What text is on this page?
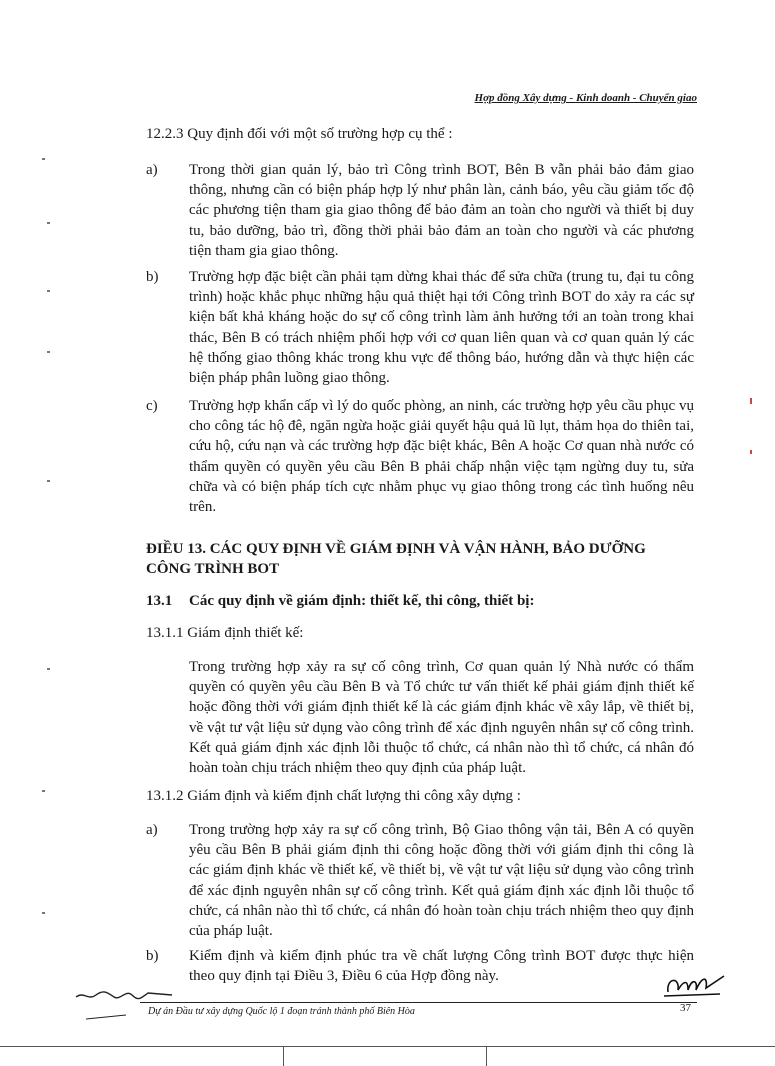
Hợp đồng Xây dựng - Kinh doanh - Chuyển giao
12.2.3 Quy định đối với một số trường hợp cụ thể :
a)	Trong thời gian quản lý, bảo trì Công trình BOT, Bên B vẫn phải bảo đảm giao thông, nhưng cần có biện pháp hợp lý như phân làn, cảnh báo, yêu cầu giảm tốc độ các phương tiện tham gia giao thông để bảo đảm an toàn cho người và thiết bị duy tu, bảo dưỡng, bảo trì, đồng thời phải bảo đảm an toàn cho người và các phương tiện tham gia giao thông.
b)	Trường hợp đặc biệt cần phải tạm dừng khai thác để sửa chữa (trung tu, đại tu công trình) hoặc khắc phục những hậu quả thiệt hại tới Công trình BOT do xảy ra các sự kiện bất khả kháng hoặc do sự cố công trình làm ảnh hưởng tới an toàn trong khai thác, Bên B có trách nhiệm phối hợp với cơ quan liên quan và cơ quan quản lý các hệ thống giao thông khác trong khu vực để thông báo, hướng dẫn và thực hiện các biện pháp phân luồng giao thông.
c)	Trường hợp khẩn cấp vì lý do quốc phòng, an ninh, các trường hợp yêu cầu phục vụ cho công tác hộ đê, ngăn ngừa hoặc giải quyết hậu quả lũ lụt, thảm họa do thiên tai, cứu hộ, cứu nạn và các trường hợp đặc biệt khác, Bên A hoặc Cơ quan nhà nước có thẩm quyền có quyền yêu cầu Bên B phải chấp nhận việc tạm ngừng duy tu, sửa chữa và có biện pháp tích cực nhằm phục vụ giao thông trong các tình huống nêu trên.
ĐIỀU 13. CÁC QUY ĐỊNH VỀ GIÁM ĐỊNH VÀ VẬN HÀNH, BẢO DƯỠNG CÔNG TRÌNH BOT
13.1 Các quy định về giám định: thiết kế, thi công, thiết bị:
13.1.1 Giám định thiết kế:
Trong trường hợp xảy ra sự cố công trình, Cơ quan quản lý Nhà nước có thẩm quyền có quyền yêu cầu Bên B và Tổ chức tư vấn thiết kế phải giám định thiết kế hoặc đồng thời với giám định thiết kế là các giám định khác về xây lắp, về thiết bị, về vật tư vật liệu sử dụng vào công trình để xác định nguyên nhân sự cố công trình. Kết quả giám định xác định lỗi thuộc tổ chức, cá nhân nào thì tổ chức, cá nhân đó hoàn toàn chịu trách nhiệm theo quy định của pháp luật.
13.1.2 Giám định và kiểm định chất lượng thi công xây dựng :
a)	Trong trường hợp xảy ra sự cố công trình, Bộ Giao thông vận tải, Bên A có quyền yêu cầu Bên B phải giám định thi công hoặc đồng thời với giám định thi công là các giám định khác về thiết kế, về thiết bị, về vật tư vật liệu sử dụng vào công trình để xác định nguyên nhân sự cố công trình. Kết quả giám định xác định lỗi thuộc tổ chức, cá nhân nào thì tổ chức, cá nhân đó hoàn toàn chịu trách nhiệm theo quy định của pháp luật.
b)	Kiểm định và kiểm định phúc tra về chất lượng Công trình BOT được thực hiện theo quy định tại Điều 3, Điều 6 của Hợp đồng này.
Dự án Đầu tư xây dựng Quốc lộ 1 đoạn tránh thành phố Biên Hòa	37
